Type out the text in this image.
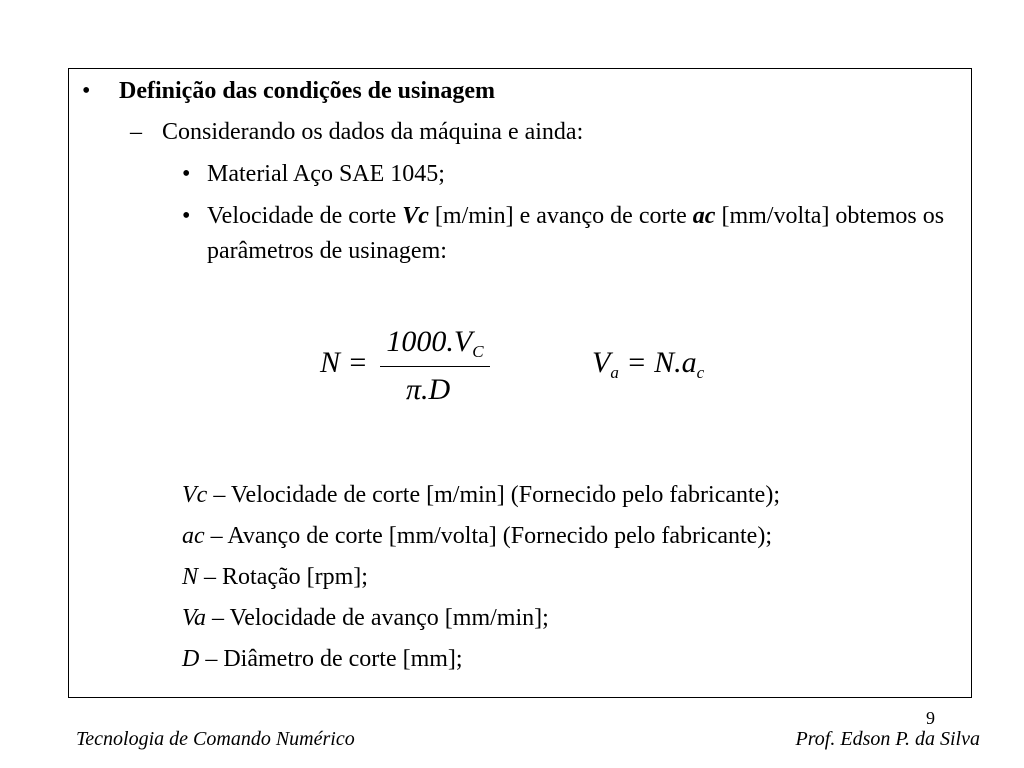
• Definição das condições de usinagem
– Considerando os dados da máquina e ainda:
• Material Aço SAE 1045;
• Velocidade de corte Vc [m/min] e avanço de corte ac [mm/volta] obtemos os parâmetros de usinagem:
N =
$1000.V_C$
π.D
$V_a = N.a_c$
Vc – Velocidade de corte [m/min] (Fornecido pelo fabricante);
ac – Avanço de corte [mm/volta] (Fornecido pelo fabricante);
N – Rotação [rpm];
Va – Velocidade de avanço [mm/min];
D – Diâmetro de corte [mm];
9
Tecnologia de Comando Numérico	Prof. Edson P. da Silva
